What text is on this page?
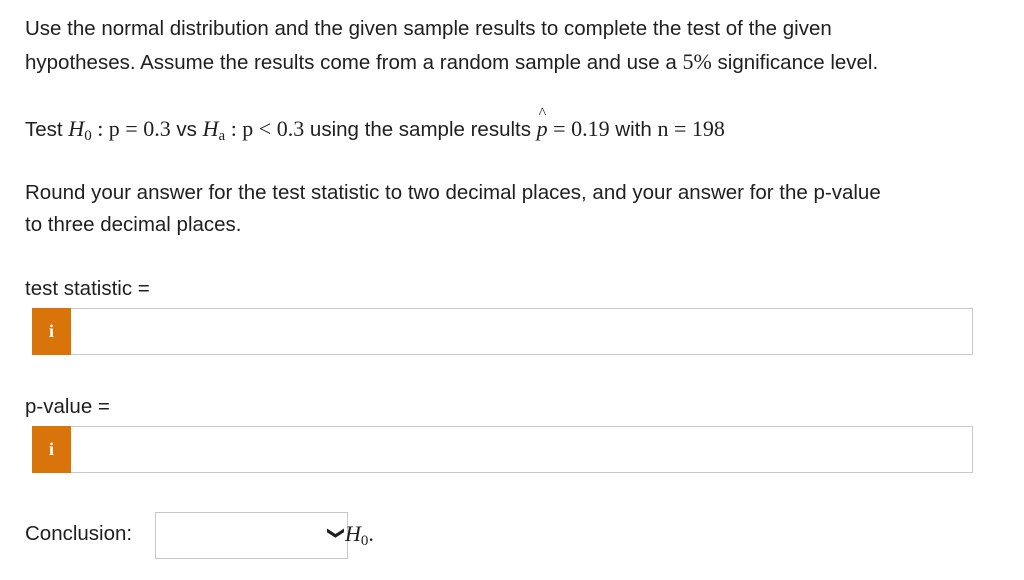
Use the normal distribution and the given sample results to complete the test of the given
hypotheses. Assume the results come from a random sample and use a 5% significance level.
Test $H_0$ : p = 0.3 vs $H_a$ : p < 0.3 using the sample results ^ p = 0.19 with n = 198
Round your answer for the test statistic to two decimal places, and your answer for the p-value
to three decimal places.
test statistic =
i
p-value =
i
Conclusion:	❯
$H_0$.
